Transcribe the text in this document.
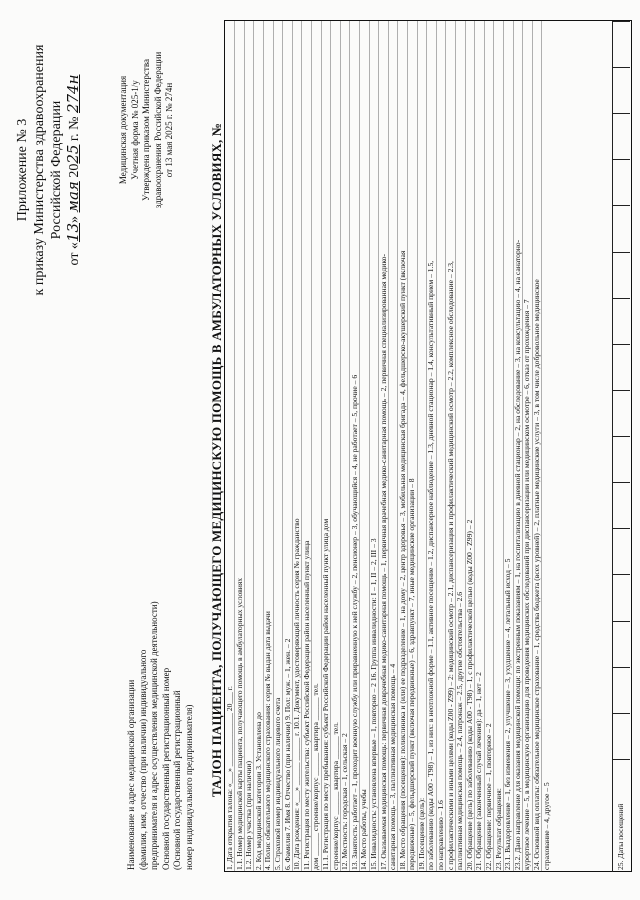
Приложение № 3 к приказу Министерства здравоохранения Российской Федерации
от «13» мая 2025 г. № 274н	Медицинская документация Учетная форма № 025-1/у Утверждена приказом Министерства здравоохранения Российской Федерации от 13 мая 2025 г. № 274н
Наименование и адрес медицинской организации (фамилия, имя, отчество (при наличии) индивидуального предпринимателя и адрес осуществления медицинской деятельности) Основной государственный регистрационный номер (Основной государственный регистрационный номер индивидуального предпринимателя) ТАЛОН ПАЦИЕНТА, ПОЛУЧАЮЩЕГО МЕДИЦИНСКУЮ ПОМОЩЬ В АМБУЛАТОРНЫХ УСЛОВИЯХ, № 1. Дата открытия талона: «___» ______________ 20___ г. 1.1. Номер медицинской карты пациента, получающего помощь в амбулаторных условиях 1.2. Номер участка (при наличии) 2. Код медицинской категории 3. Установлена до 4. Полис обязательного медицинского страхования: серия № выдан дата выдачи 5. Страховой номер индивидуального лицевого счета 6. Фамилия 7. Имя 8. Отчество (при наличии) 9. Пол: муж. – 1, жен. – 2 10. Дата рождения: «___» ______ ______ г. 10.1. Документ, удостоверяющий личность серия № гражданство 11. Регистрация по месту жительства: субъект Российской Федерации район населенный пункт улица дом ______ строение/корпус ______ квартира ______ тел. 11.1. Регистрация по месту пребывания: субъект Российской Федерации район населенный пункт улица дом строение/корпус ______ квартира ______ тел. 12. Местность: городская – 1, сельская – 2 13. Занятость: работает – 1, проходит военную службу или приравненную к ней службу – 2, пенсионер – 3, обучающийся – 4, не работает – 5, прочие – 6 14. Место работы, учебы 15. Инвалидность: установлена впервые – 1, повторно – 2 16. Группа инвалидности: I – 1, II – 2, III – 3 17. Оказываемая медицинская помощь: первичная доврачебная медико-санитарная помощь – 1, первичная врачебная медико-санитарная помощь – 2, первичная специализированная медико- санитарная помощь – 3, паллиативная медицинская помощь – 4 18. Место обращения (посещения): поликлиника и (или) ее подразделение – 1, на дому – 2, центр здоровья – 3, мобильная медицинская бригада – 4, фельдшерско-акушерский пункт (включая передвижные) – 5, фельдшерский пункт (включая передвижные) – 6, здравпункт – 7, иные медицинские организации – 8 19. Посещение (цель): по заболеванию (коды А00 - Т98) – 1, из них: в неотложной форме – 1.1, активное посещение – 1.2, диспансерное наблюдение – 1.3, дневной стационар – 1.4, консультативный прием – 1.5, по направлению – 1.6 с профилактическими и иными целями (коды Z00 - Z99) – 2: медицинский осмотр – 2.1, диспансеризация и профилактический медицинский осмотр – 2.2, комплексное обследование – 2.3, паллиативная медицинская помощь – 2.4, патронаж – 2.5, другие обстоятельства – 2.6 20. Обращение (цель) по заболеванию (коды А00 - Т98) – 1, с профилактической целью (коды Z00 - Z99) – 2 21. Обращение (законченный случай лечения): да – 1, нет – 2 22. Обращение: первичное – 1, повторное – 2 23. Результат обращения: 23.1. Выздоровление – 1, без изменения – 2, улучшение – 3, ухудшение – 4, летальный исход – 5 23.2. Дано направление для оказания медицинской помощи: по экстренным показаниям – 1, на госпитализацию в дневной стационар – 2, на обследование – 3, на консультацию – 4, на санаторно- курортное лечение – 5, в медицинскую организацию для проведения медицинских обследований при диспансеризации или медицинском осмотре – 6, отказ от прохождения – 7 24. Основной вид оплаты: обязательное медицинское страхование – 1, средства бюджета (всех уровней) – 2, платные медицинские услуги – 3, в том числе добровольное медицинское страхование – 4, другое – 5	25. Даты посещений
